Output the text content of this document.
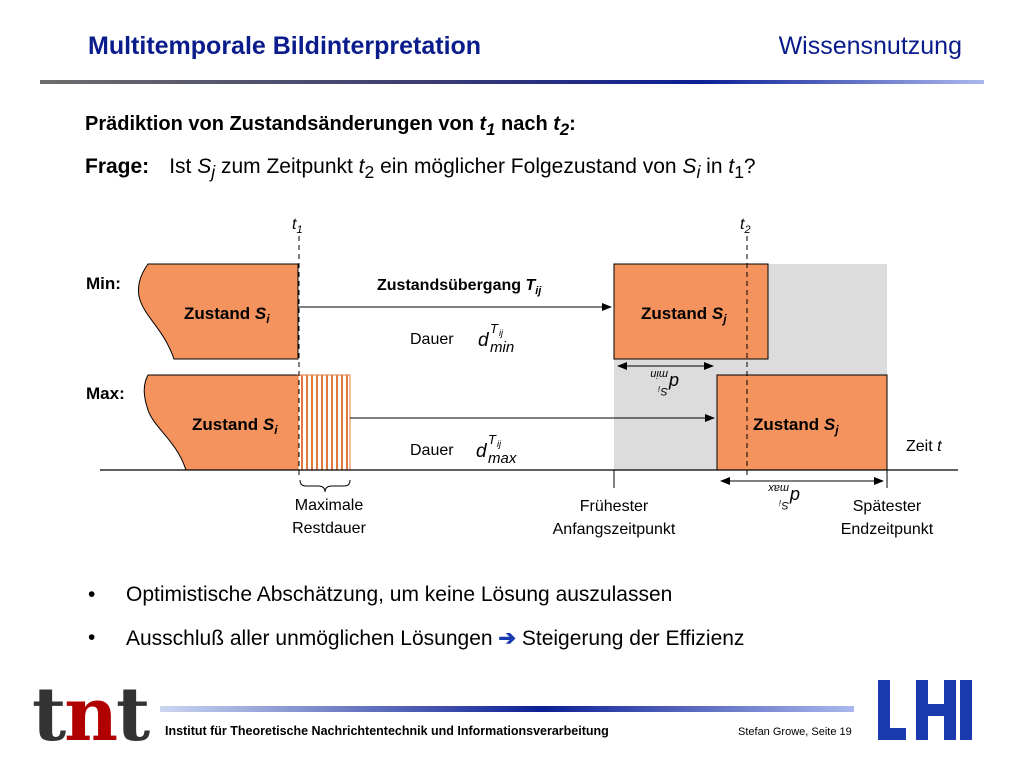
Multitemporale Bildinterpretation	Wissensnutzung
Prädiktion von Zustandsänderungen von $t_1$ nach $t_2$:
Frage: Ist $S_j$ zum Zeitpunkt $t_2$ ein möglicher Folgezustand von $S_i$ in $t_1$?
$t_1$	$t_2$
Min:
Max:
Zustand $S_i$
Zustand $S_i$
Zustand $S_j$
Zustand $S_j$
Zustandsübergang $T_{ij}$
Dauer d
T ij
min
Dauer d
T ij
max
d
S
i
min
d
S
i
max
Zeit t
Maximale
Restdauer
Frühester
Anfangszeitpunkt
Spätester
Endzeitpunkt
• Optimistische Abschätzung, um keine Lösung auszulassen
• Ausschluß aller unmöglichen Lösungen ➔ Steigerung der Effizienz
tnt Institut für Theoretische Nachrichtentechnik und Informationsverarbeitung	Stefan Growe, Seite 19
